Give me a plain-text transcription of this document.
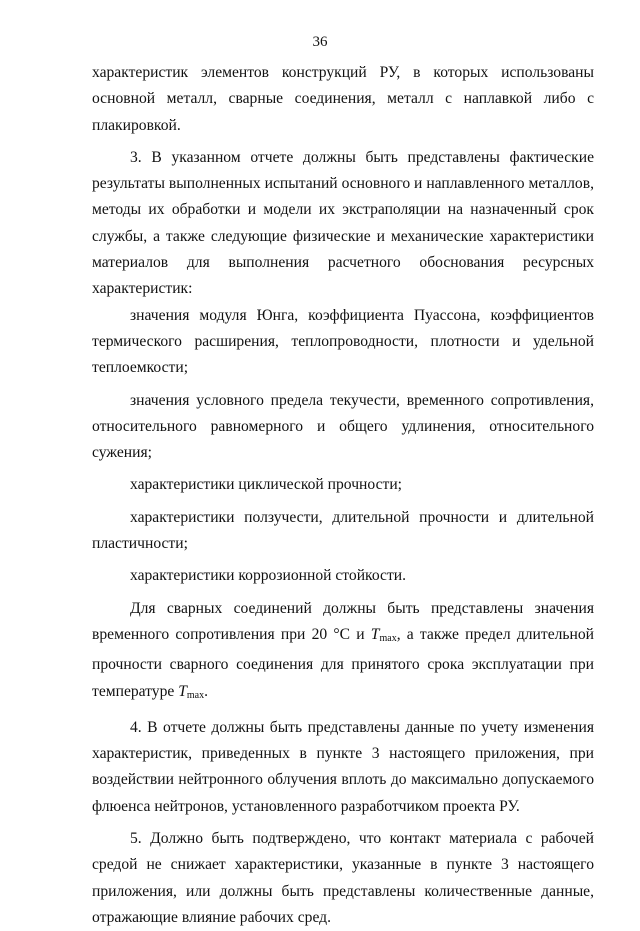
36

характеристик элементов конструкций РУ, в которых использованы основной металл, сварные соединения, металл с наплавкой либо с плакировкой.

3. В указанном отчете должны быть представлены фактические результаты выполненных испытаний основного и наплавленного металлов, методы их обработки и модели их экстраполяции на назначенный срок службы, а также следующие физические и механические характеристики материалов для выполнения расчетного обоснования ресурсных характеристик:

значения модуля Юнга, коэффициента Пуассона, коэффициентов термического расширения, теплопроводности, плотности и удельной теплоемкости;

значения условного предела текучести, временного сопротивления, относительного равномерного и общего удлинения, относительного сужения;

характеристики циклической прочности;

характеристики ползучести, длительной прочности и длительной пластичности;

характеристики коррозионной стойкости.

Для сварных соединений должны быть представлены значения временного сопротивления при 20 °С и $T_{max}$, а также предел длительной прочности сварного соединения для принятого срока эксплуатации при температуре $T_{max}$.

4. В отчете должны быть представлены данные по учету изменения характеристик, приведенных в пункте 3 настоящего приложения, при воздействии нейтронного облучения вплоть до максимально допускаемого флюенса нейтронов, установленного разработчиком проекта РУ.

5. Должно быть подтверждено, что контакт материала с рабочей средой не снижает характеристики, указанные в пункте 3 настоящего приложения, или должны быть представлены количественные данные, отражающие влияние рабочих сред.
